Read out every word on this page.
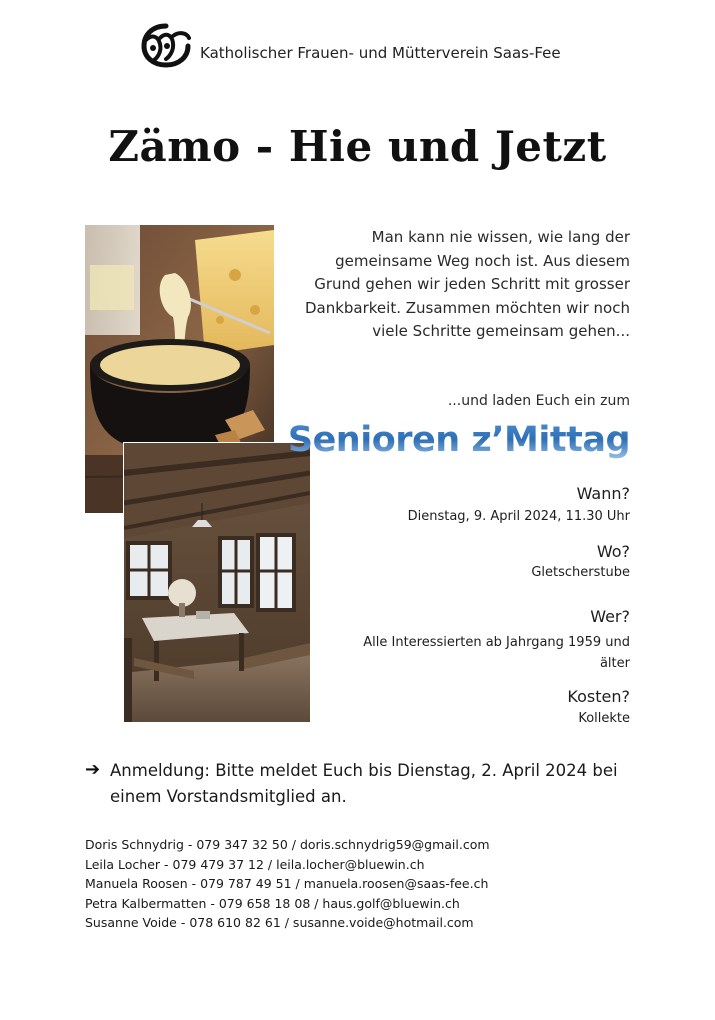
Katholischer Frauen- und Mütterverein Saas-Fee
Zämo - Hie und Jetzt
Man kann nie wissen, wie lang der gemeinsame Weg noch ist. Aus diesem Grund gehen wir jeden Schritt mit grosser Dankbarkeit. Zusammen möchten wir noch viele Schritte gemeinsam gehen...
...und laden Euch ein zum
Senioren z’Mittag
Wann?
Dienstag, 9. April 2024, 11.30 Uhr
Wo?
Gletscherstube
Wer?
Alle Interessierten ab Jahrgang 1959 und älter
Kosten?
Kollekte
➔ Anmeldung: Bitte meldet Euch bis Dienstag, 2. April 2024 bei einem Vorstandsmitglied an.
Doris Schnydrig - 079 347 32 50 / doris.schnydrig59@gmail.com
Leila Locher - 079 479 37 12 / leila.locher@bluewin.ch
Manuela Roosen - 079 787 49 51 / manuela.roosen@saas-fee.ch
Petra Kalbermatten - 079 658 18 08 / haus.golf@bluewin.ch
Susanne Voide - 078 610 82 61 / susanne.voide@hotmail.com
